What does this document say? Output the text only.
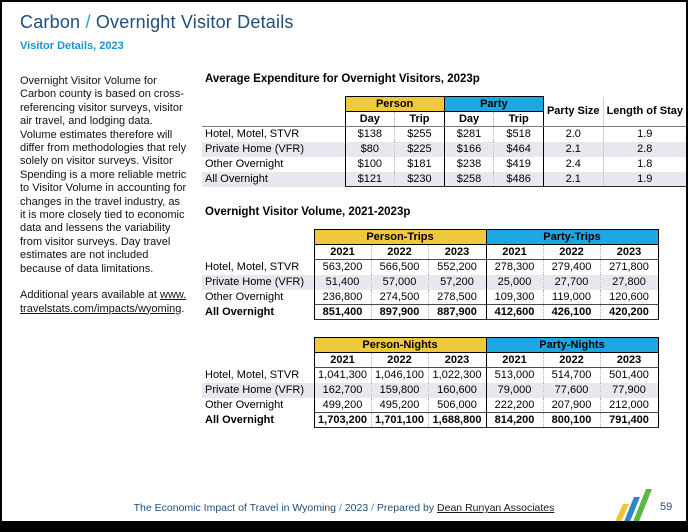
Carbon / Overnight Visitor Details
Visitor Details, 2023

Overnight Visitor Volume for Carbon county is based on cross-referencing visitor surveys, visitor air travel, and lodging data. Volume estimates therefore will differ from methodologies that rely solely on visitor surveys. Visitor Spending is a more reliable metric to Visitor Volume in accounting for changes in the travel industry, as it is more closely tied to economic data and lessens the variability from visitor surveys. Day travel estimates are not included because of data limitations.

Additional years available at www.travelstats.com/impacts/wyoming.

Average Expenditure for Overnight Visitors, 2023p
	Person		Party		Party Size	Length of Stay
	Day	Trip	Day	Trip		
Hotel, Motel, STVR	$138	$255	$281	$518	2.0	1.9
Private Home (VFR)	$80	$225	$166	$464	2.1	2.8
Other Overnight	$100	$181	$238	$419	2.4	1.8
All Overnight	$121	$230	$258	$486	2.1	1.9
Overnight Visitor Volume, 2021-2023p
	Person-Trips			Party-Trips		
	2021	2022	2023	2021	2022	2023
Hotel, Motel, STVR	563,200	566,500	552,200	278,300	279,400	271,800
Private Home (VFR)	51,400	57,000	57,200	25,000	27,700	27,800
Other Overnight	236,800	274,500	278,500	109,300	119,000	120,600
All Overnight	851,400	897,900	887,900	412,600	426,100	420,200
	Person-Nights			Party-Nights		
	2021	2022	2023	2021	2022	2023
Hotel, Motel, STVR	1,041,300	1,046,100	1,022,300	513,000	514,700	501,400
Private Home (VFR)	162,700	159,800	160,600	79,000	77,600	77,900
Other Overnight	499,200	495,200	506,000	222,200	207,900	212,000
All Overnight	1,703,200	1,701,100	1,688,800	814,200	800,100	791,400
The Economic Impact of Travel in Wyoming / 2023 / Prepared by Dean Runyan Associates	59
